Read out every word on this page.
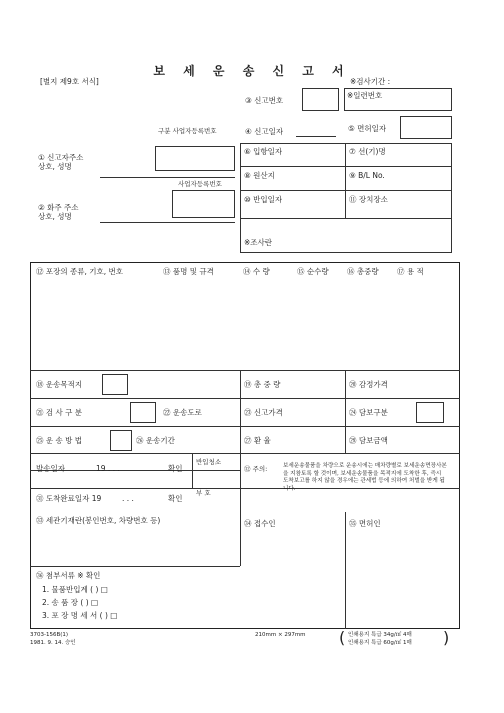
보 세 운 송 신 고 서
[별지 제9호 서식]	※검사기간 :
③ 신고번호
※일련번호
구분 사업자등록번호	④ 신고일자	⑤ 면허일자
① 신고자주소
상호, 성명
사업자등록번호
② 화주 주소
상호, 성명
⑥ 입항일자	⑦ 선(기)명
⑧ 원산지	⑨ B/L No.
⑩ 반입일자	⑪ 장치장소
※조사란
⑫ 포장의 종류, 기호, 번호	⑬ 품명 및 규격	⑭ 수 량	⑮ 순수량 ⑯ 총중량 ⑰ 용 적
⑱ 운송목적지	⑲ 총 중 량	⑳ 감정가격
㉑ 검 사 구 분	㉒ 운송도로	㉓ 신고가격	㉔ 담보구분
㉕ 운 송 방 법	㉖ 운송기간	㉗ 환 율	㉘ 담보금액
발송일자	19 . . .	확인
㉛ 도착완료일자 19	. . .	확인
반입청소
부 호
㉜ 주의:	보세운송물품을 차량으로 운송시에는 매차량별로 보세운송면장사본을 지참토록 할 것이며, 보세운송물품을 목적지에 도착한 후, 즉시 도착보고를 하지 않을 경우에는 관세법 등에 의하여 처벌을 받게 됩니다.
㉝ 세관기재란(봉인번호, 차량번호 등)	㉞ 접수인	㉟ 면허인
㊱ 첨부서류 ※ 확인
1. 물품반입계 ( ) □
2. 송 품 장 ( ) □
3. 포 장 명 세 서 ( ) □
3703-156B(1)
1981. 9. 14. 승인
210mm × 297mm ( 인쇄용지 특급 34g/㎡ 4매
인쇄용지 특급 60g/㎡ 1매 )
